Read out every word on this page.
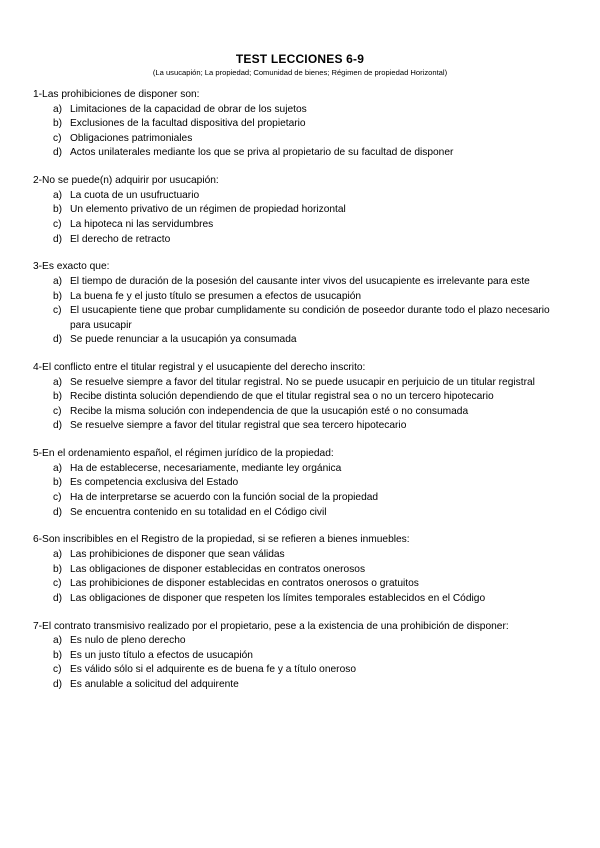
TEST LECCIONES 6-9
(La usucapión; La propiedad; Comunidad de bienes; Régimen de propiedad Horizontal)
1-Las prohibiciones de disponer son:
a) Limitaciones de la capacidad de obrar de los sujetos
b) Exclusiones de la facultad dispositiva del propietario
c) Obligaciones patrimoniales
d) Actos unilaterales mediante los que se priva al propietario de su facultad de disponer
2-No se puede(n) adquirir por usucapión:
a) La cuota de un usufructuario
b) Un elemento privativo de un régimen de propiedad horizontal
c) La hipoteca ni las servidumbres
d) El derecho de retracto
3-Es exacto que:
a) El tiempo de duración de la posesión del causante inter vivos del usucapiente es irrelevante para este
b) La buena fe y el justo título se presumen a efectos de usucapión
c) El usucapiente tiene que probar cumplidamente su condición de poseedor durante todo el plazo necesario para usucapir
d) Se puede renunciar a la usucapión ya consumada
4-El conflicto entre el titular registral y el usucapiente del derecho inscrito:
a) Se resuelve siempre a favor del titular registral. No se puede usucapir en perjuicio de un titular registral
b) Recibe distinta solución dependiendo de que el titular registral sea o no un tercero hipotecario
c) Recibe la misma solución con independencia de que la usucapión esté o no consumada
d) Se resuelve siempre a favor del titular registral que sea tercero hipotecario
5-En el ordenamiento español, el régimen jurídico de la propiedad:
a) Ha de establecerse, necesariamente, mediante ley orgánica
b) Es competencia exclusiva del Estado
c) Ha de interpretarse se acuerdo con la función social de la propiedad
d) Se encuentra contenido en su totalidad en el Código civil
6-Son inscribibles en el Registro de la propiedad, si se refieren a bienes inmuebles:
a) Las prohibiciones de disponer que sean válidas
b) Las obligaciones de disponer establecidas en contratos onerosos
c) Las prohibiciones de disponer establecidas en contratos onerosos o gratuitos
d) Las obligaciones de disponer que respeten los límites temporales establecidos en el Código
7-El contrato transmisivo realizado por el propietario, pese a la existencia de una prohibición de disponer:
a) Es nulo de pleno derecho
b) Es un justo título a efectos de usucapión
c) Es válido sólo si el adquirente es de buena fe y a título oneroso
d) Es anulable a solicitud del adquirente
